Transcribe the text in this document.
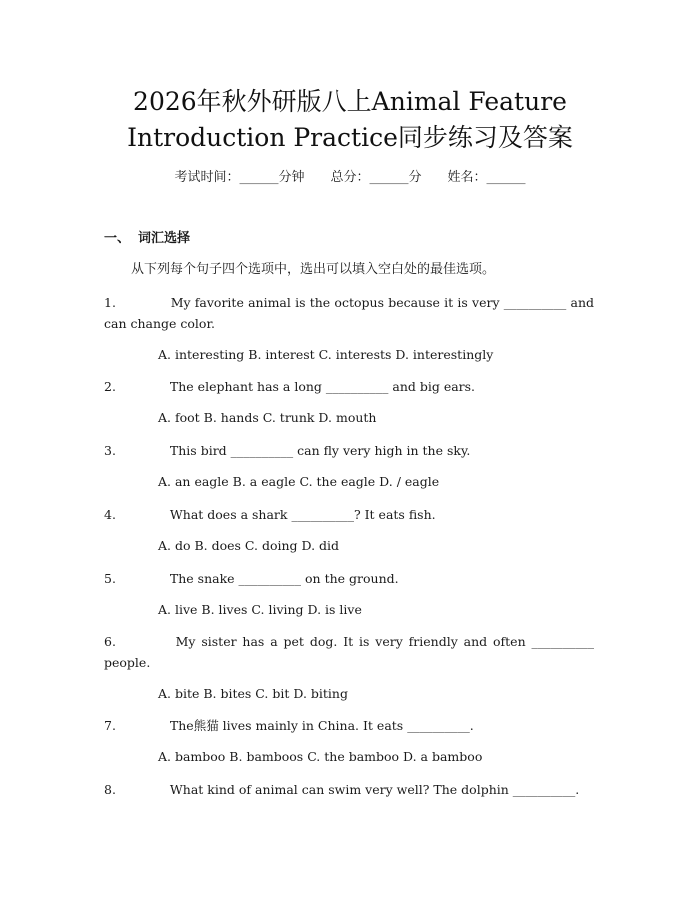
2026年秋外研版八上Animal Feature
Introduction Practice同步练习及答案
考试时间：______分钟 总分：______分 姓名：______
一、 词汇选择
从下列每个句子四个选项中，选出可以填入空白处的最佳选项。
1.	My favorite animal is the octopus because it is very __________ and can change color.
A. interesting B. interest C. interests D. interestingly
2.	The elephant has a long __________ and big ears.
A. foot B. hands C. trunk D. mouth
3.	This bird __________ can fly very high in the sky.
A. an eagle B. a eagle C. the eagle D. / eagle
4.	What does a shark __________? It eats fish.
A. do B. does C. doing D. did
5.	The snake __________ on the ground.
A. live B. lives C. living D. is live
6.	My sister has a pet dog. It is very friendly and often __________ people.
A. bite B. bites C. bit D. biting
7.	The熊猫 lives mainly in China. It eats __________.
A. bamboo B. bamboos C. the bamboo D. a bamboo
8.	What kind of animal can swim very well? The dolphin __________.
